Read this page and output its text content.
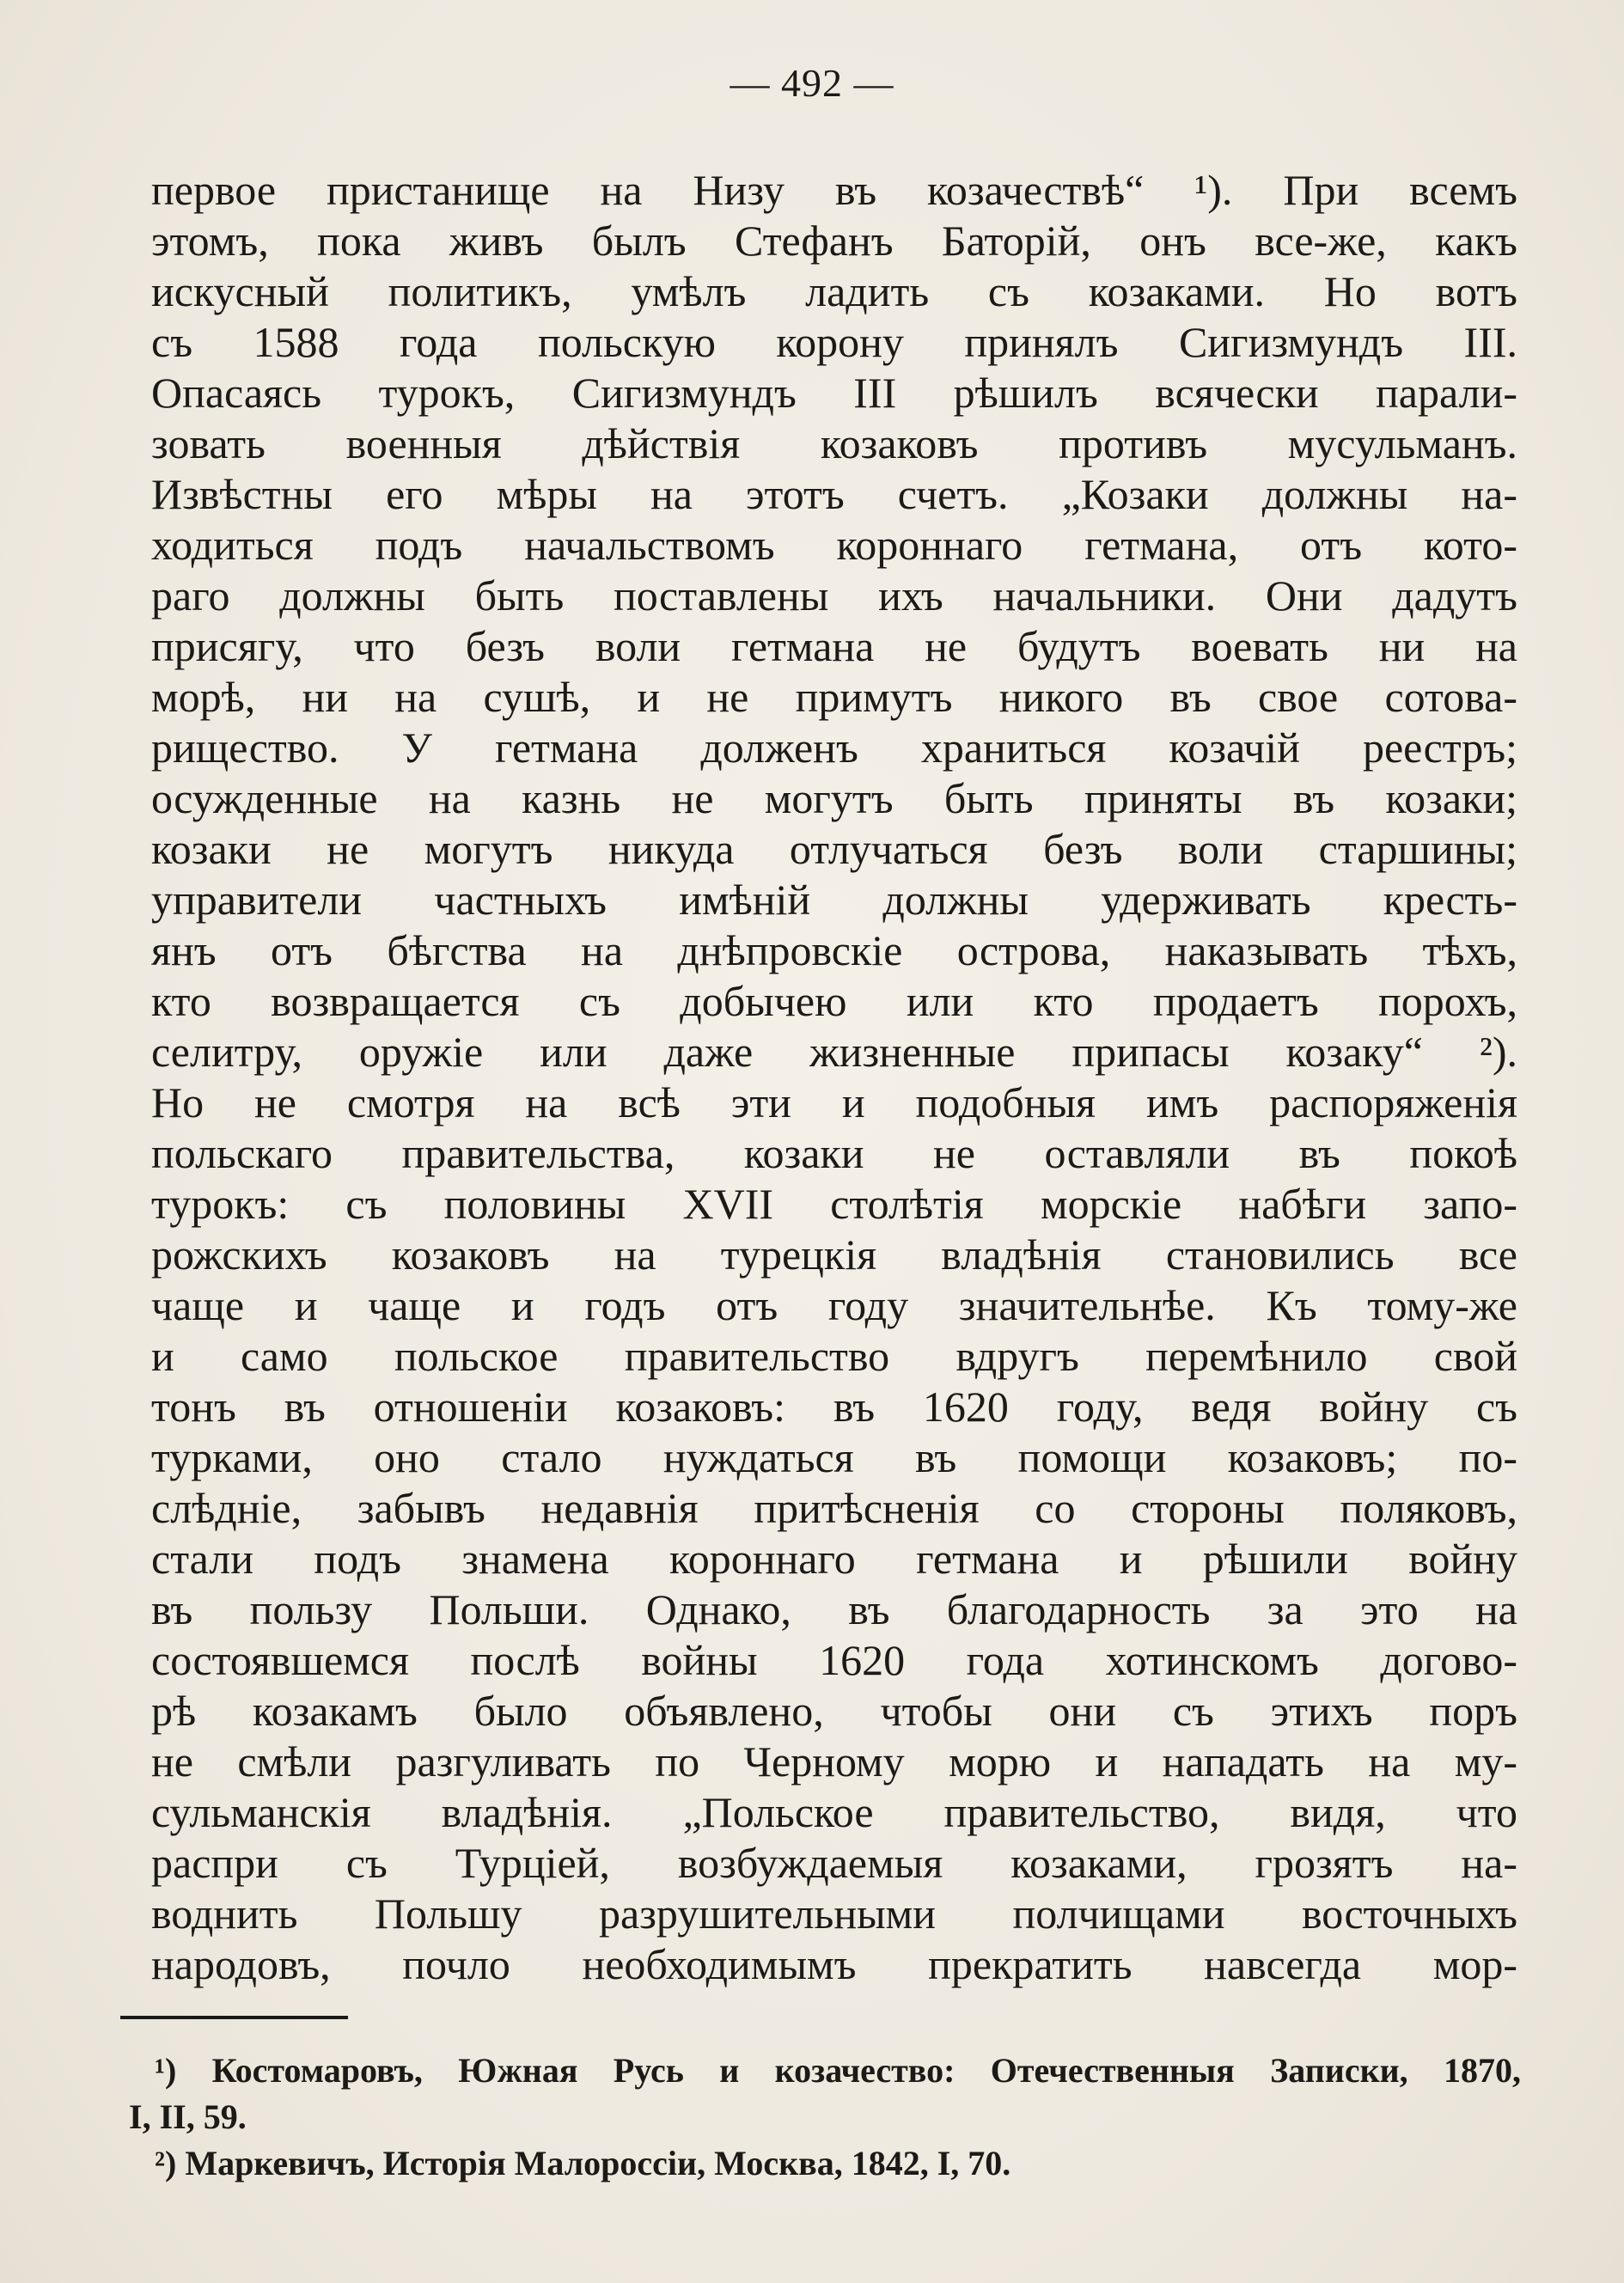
— 492 —
первое пристанище на Низу въ козачествѣ“ ¹). При всемъ
этомъ, пока живъ былъ Стефанъ Баторій, онъ все-же, какъ
искусный политикъ, умѣлъ ладить съ козаками. Но вотъ
съ 1588 года польскую корону принялъ Сигизмундъ III.
Опасаясь турокъ, Сигизмундъ III рѣшилъ всячески парали-
зовать военныя дѣйствія козаковъ противъ мусульманъ.
Извѣстны его мѣры на этотъ счетъ. „Козаки должны на-
ходиться подъ начальствомъ короннаго гетмана, отъ кото-
раго должны быть поставлены ихъ начальники. Они дадутъ
присягу, что безъ воли гетмана не будутъ воевать ни на
морѣ, ни на сушѣ, и не примутъ никого въ свое сотова-
рищество. У гетмана долженъ храниться козачій реестръ;
осужденные на казнь не могутъ быть приняты въ козаки;
козаки не могутъ никуда отлучаться безъ воли старшины;
управители частныхъ имѣній должны удерживать кресть-
янъ отъ бѣгства на днѣпровскіе острова, наказывать тѣхъ,
кто возвращается съ добычею или кто продаетъ порохъ,
селитру, оружіе или даже жизненные припасы козаку“ ²).
Но не смотря на всѣ эти и подобныя имъ распоряженія
польскаго правительства, козаки не оставляли въ покоѣ
турокъ: съ половины XVII столѣтія морскіе набѣги запо-
рожскихъ козаковъ на турецкія владѣнія становились все
чаще и чаще и годъ отъ году значительнѣе. Къ тому-же
и само польское правительство вдругъ перемѣнило свой
тонъ въ отношеніи козаковъ: въ 1620 году, ведя войну съ
турками, оно стало нуждаться въ помощи козаковъ; по-
слѣдніе, забывъ недавнія притѣсненія со стороны поляковъ,
стали подъ знамена короннаго гетмана и рѣшили войну
въ пользу Польши. Однако, въ благодарность за это на
состоявшемся послѣ войны 1620 года хотинскомъ догово-
рѣ козакамъ было объявлено, чтобы они съ этихъ поръ
не смѣли разгуливать по Черному морю и нападать на му-
сульманскія владѣнія. „Польское правительство, видя, что
распри съ Турціей, возбуждаемыя козаками, грозятъ на-
воднить Польшу разрушительными полчищами восточныхъ
народовъ, почло необходимымъ прекратить навсегда мор-
¹) Костомаровъ, Южная Русь и козачество: Отечественныя Записки, 1870,
I, II, 59.
²) Маркевичъ, Исторія Малороссіи, Москва, 1842, I, 70.
